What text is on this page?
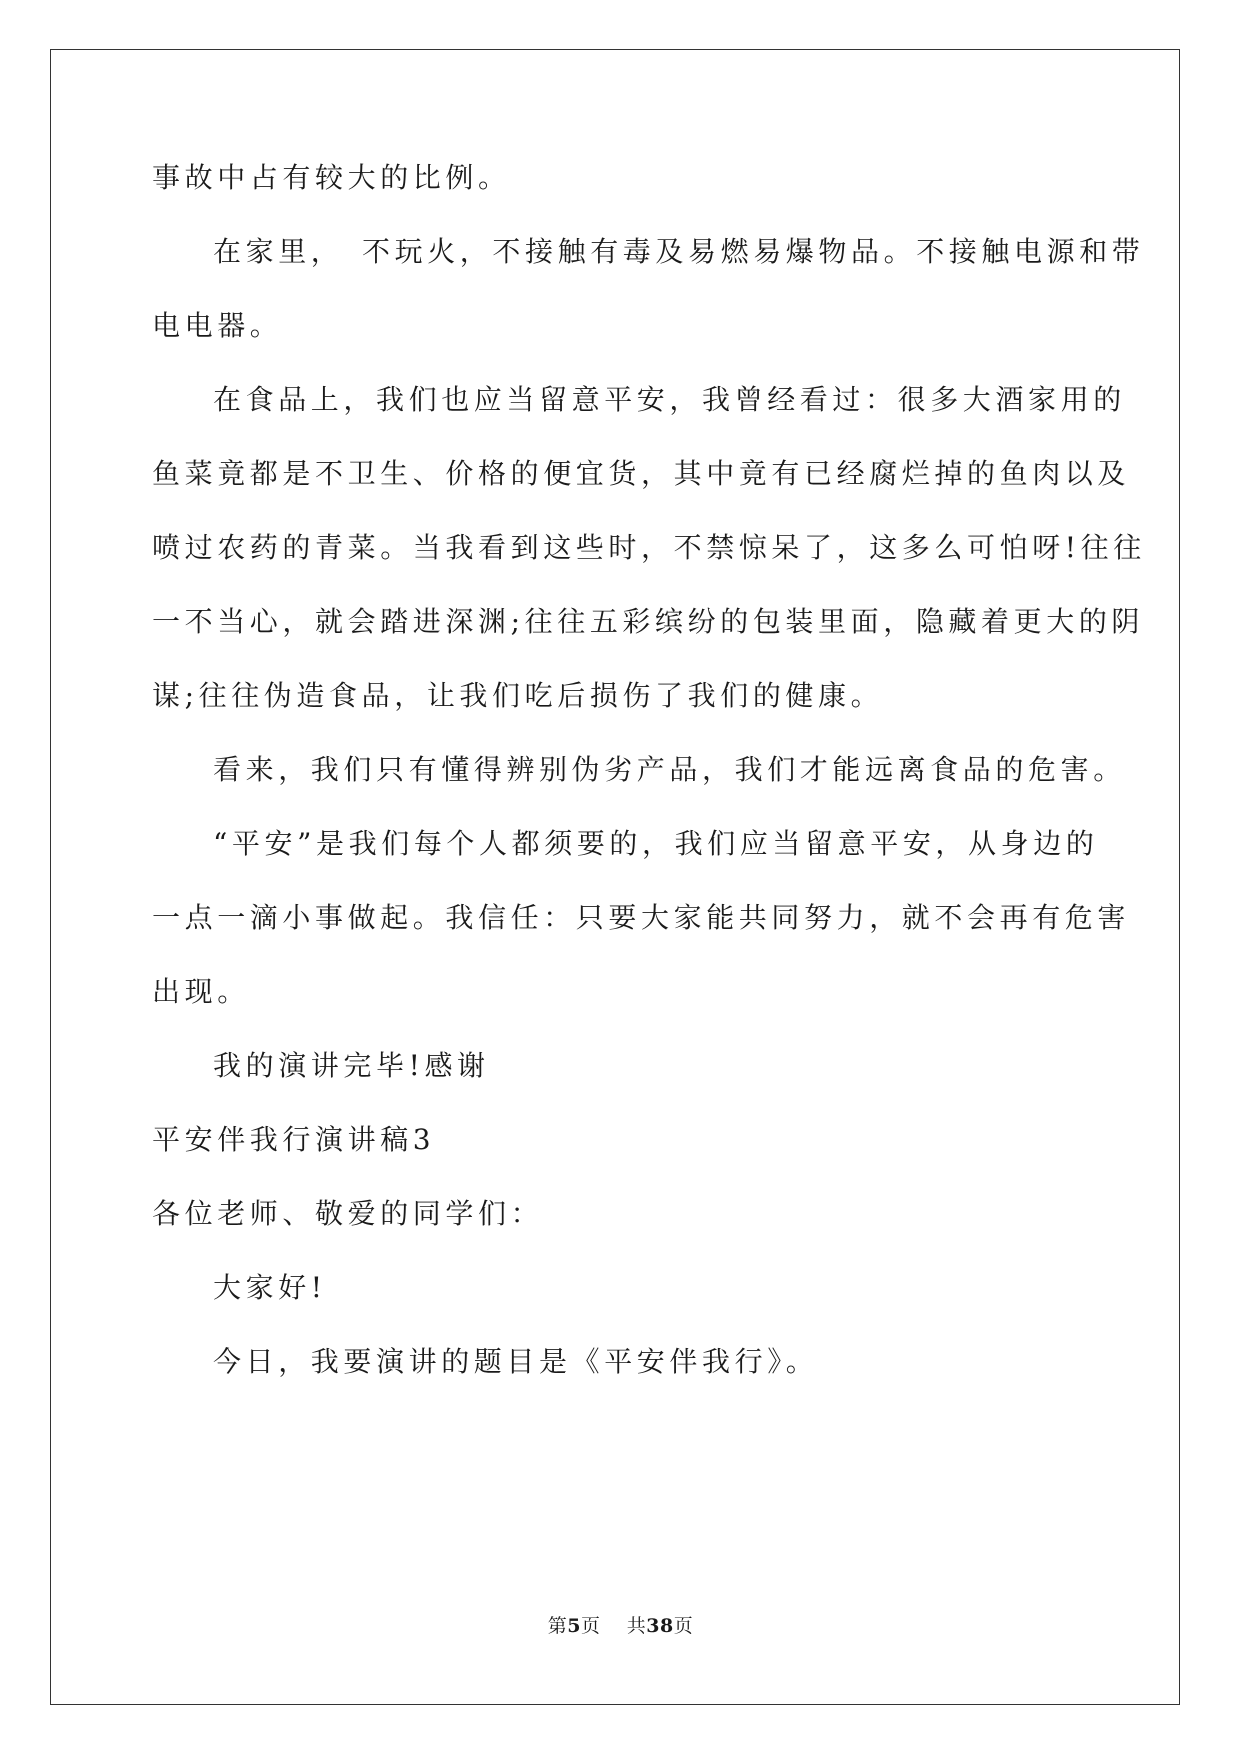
事故中占有较大的比例。
在家里，　不玩火，不接触有毒及易燃易爆物品。不接触电源和带
电电器。
在食品上，我们也应当留意平安，我曾经看过：很多大酒家用的
鱼菜竟都是不卫生、价格的便宜货，其中竟有已经腐烂掉的鱼肉以及
喷过农药的青菜。当我看到这些时，不禁惊呆了，这多么可怕呀!往往
一不当心，就会踏进深渊;往往五彩缤纷的包装里面，隐藏着更大的阴
谋;往往伪造食品，让我们吃后损伤了我们的健康。
看来，我们只有懂得辨别伪劣产品，我们才能远离食品的危害。
“平安”是我们每个人都须要的，我们应当留意平安，从身边的
一点一滴小事做起。我信任：只要大家能共同努力，就不会再有危害
出现。
我的演讲完毕!感谢
平安伴我行演讲稿3
各位老师、敬爱的同学们：
大家好!
今日，我要演讲的题目是《平安伴我行》。
第5页 共38页
